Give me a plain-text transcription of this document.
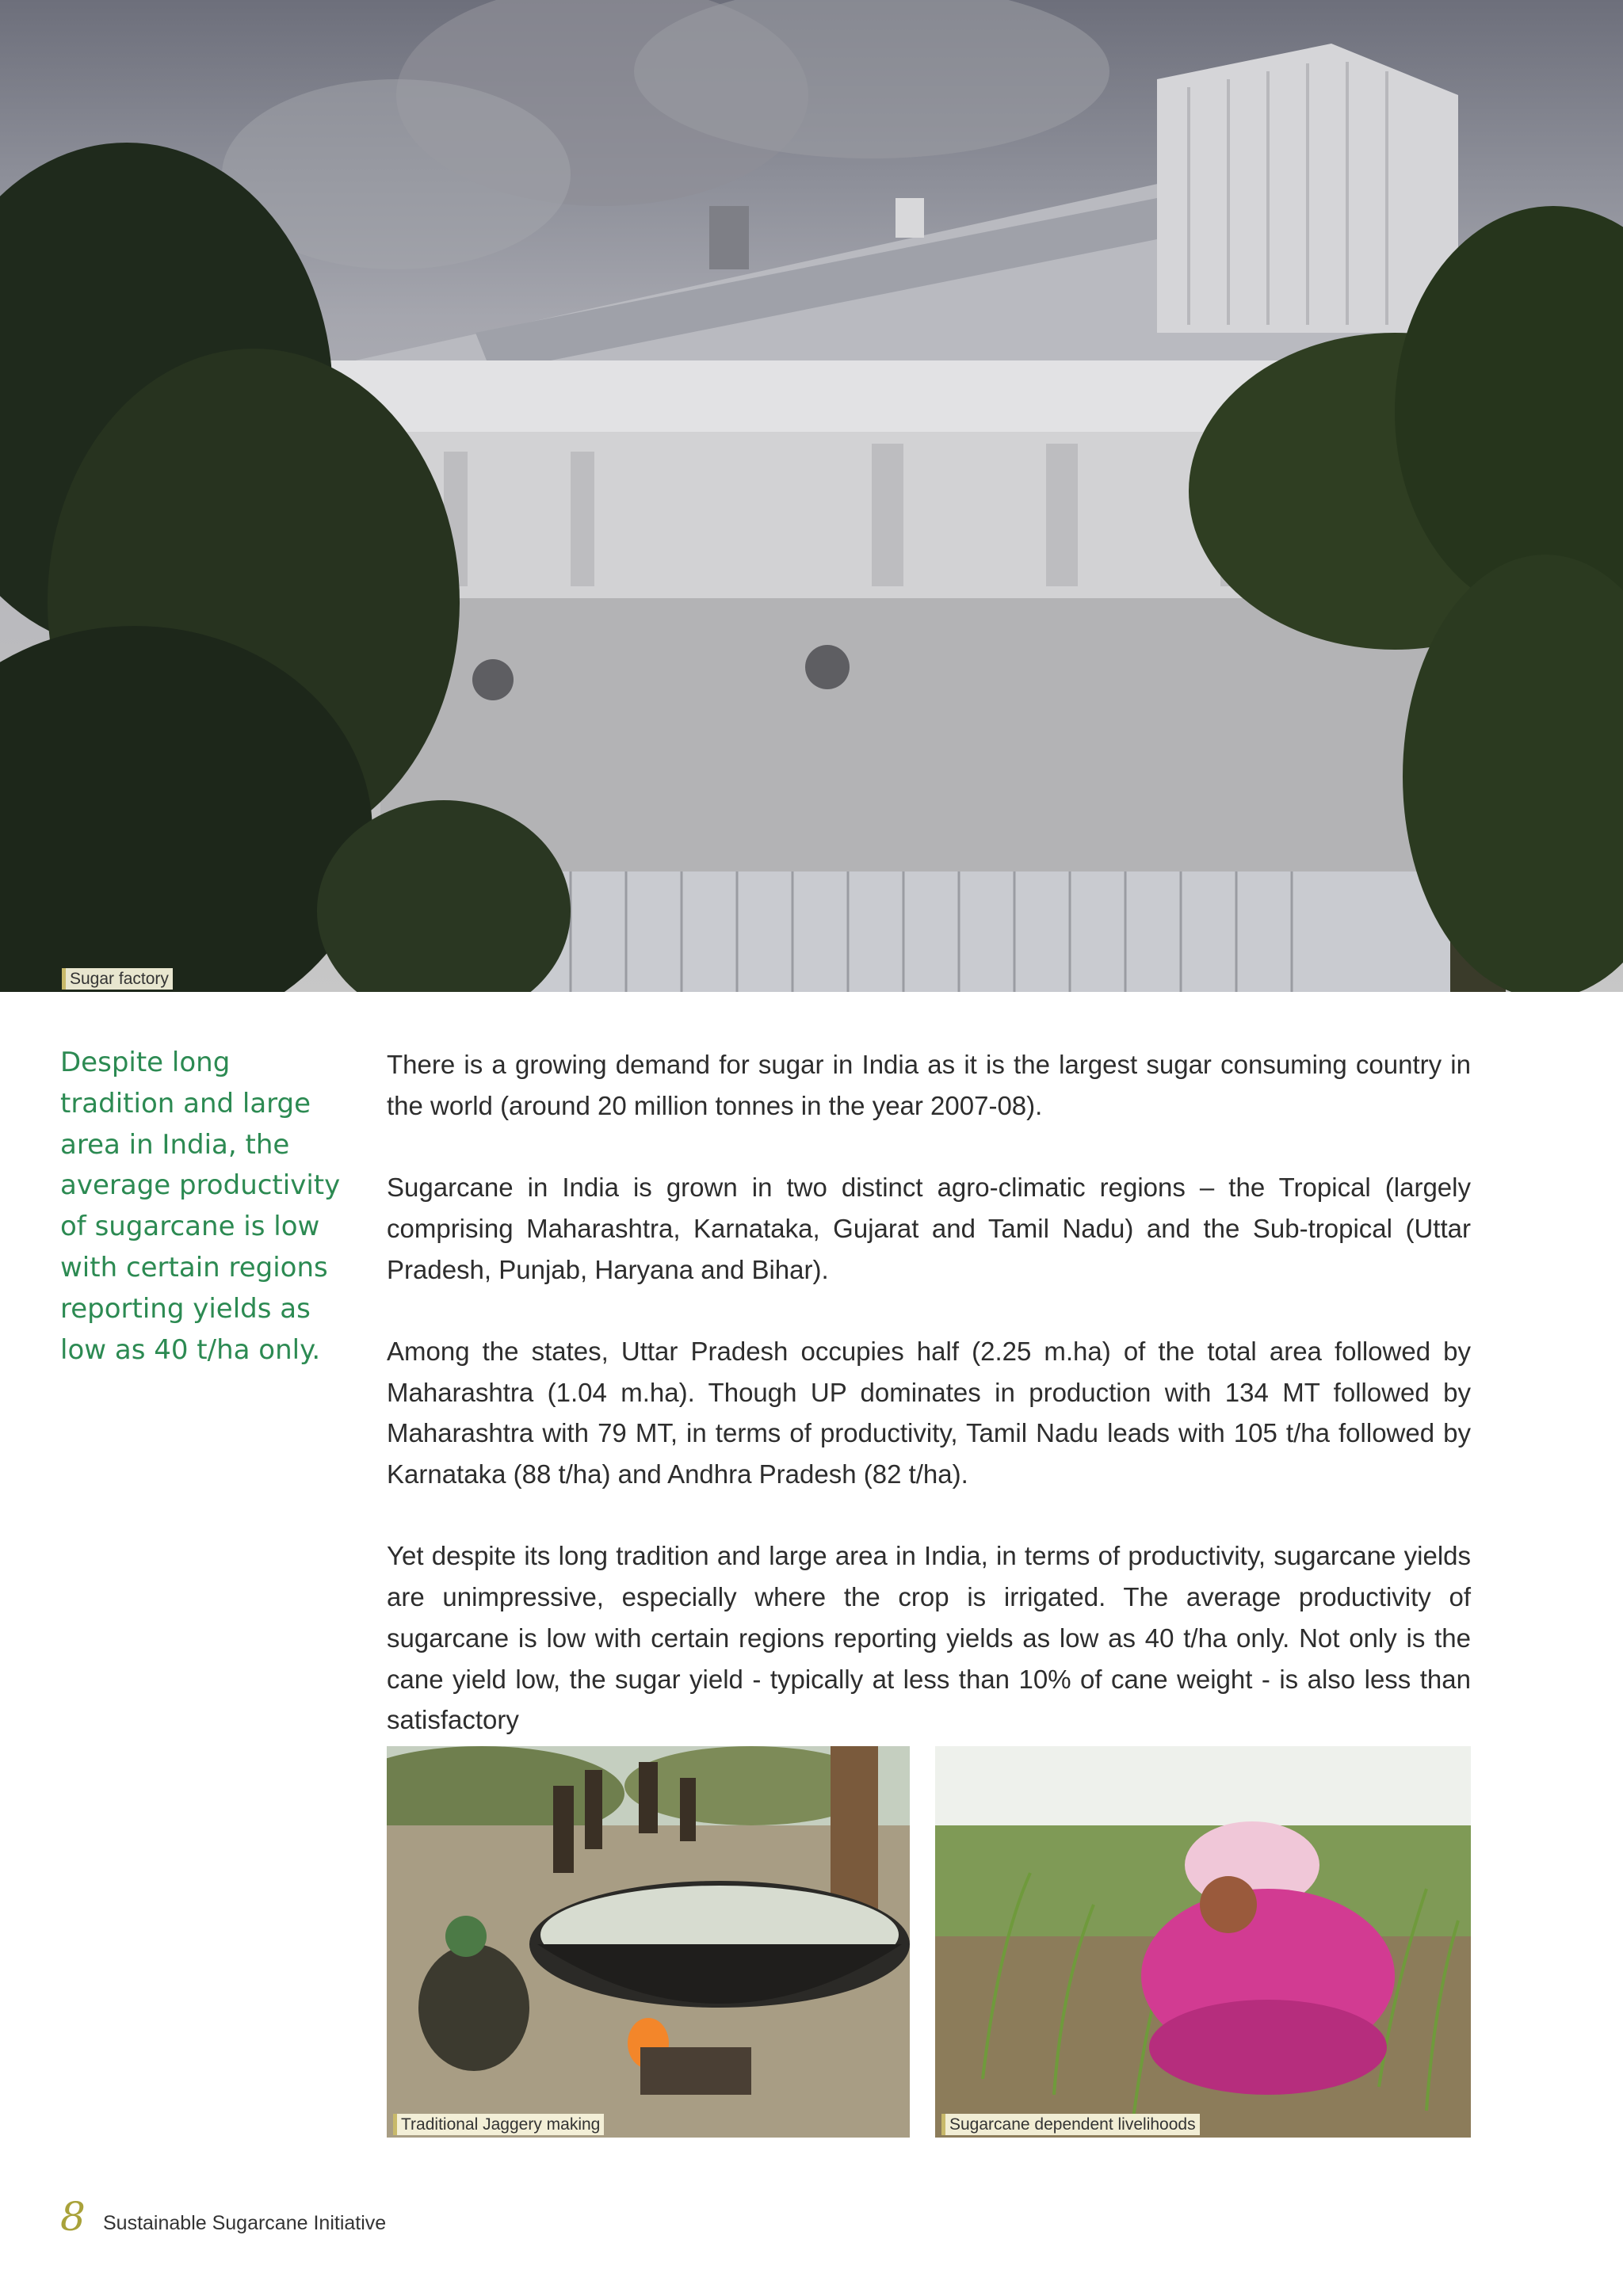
Sugar factory
Despite long tradition and large area in India, the average productivity of sugarcane is low with certain regions reporting yields as low as 40 t/ha only.

There is a growing demand for sugar in India as it is the largest sugar consuming country in the world (around 20 million tonnes in the year 2007-08).

Sugarcane in India is grown in two distinct agro-climatic regions – the Tropical (largely comprising Maharashtra, Karnataka, Gujarat and Tamil Nadu) and the Sub-tropical (Uttar Pradesh, Punjab, Haryana and Bihar).

Among the states, Uttar Pradesh occupies half (2.25 m.ha) of the total area followed by Maharashtra (1.04 m.ha). Though UP dominates in production with 134 MT followed by Maharashtra with 79 MT, in terms of productivity, Tamil Nadu leads with 105 t/ha followed by Karnataka (88 t/ha) and Andhra Pradesh (82 t/ha).

Yet despite its long tradition and large area in India, in terms of productivity, sugarcane yields are unimpressive, especially where the crop is irrigated. The average productivity of sugarcane is low with certain regions reporting yields as low as 40 t/ha only. Not only is the cane yield low, the sugar yield - typically at less than 10% of cane weight - is also less than satisfactory

Traditional Jaggery making	Sugarcane dependent livelihoods
8 Sustainable Sugarcane Initiative
